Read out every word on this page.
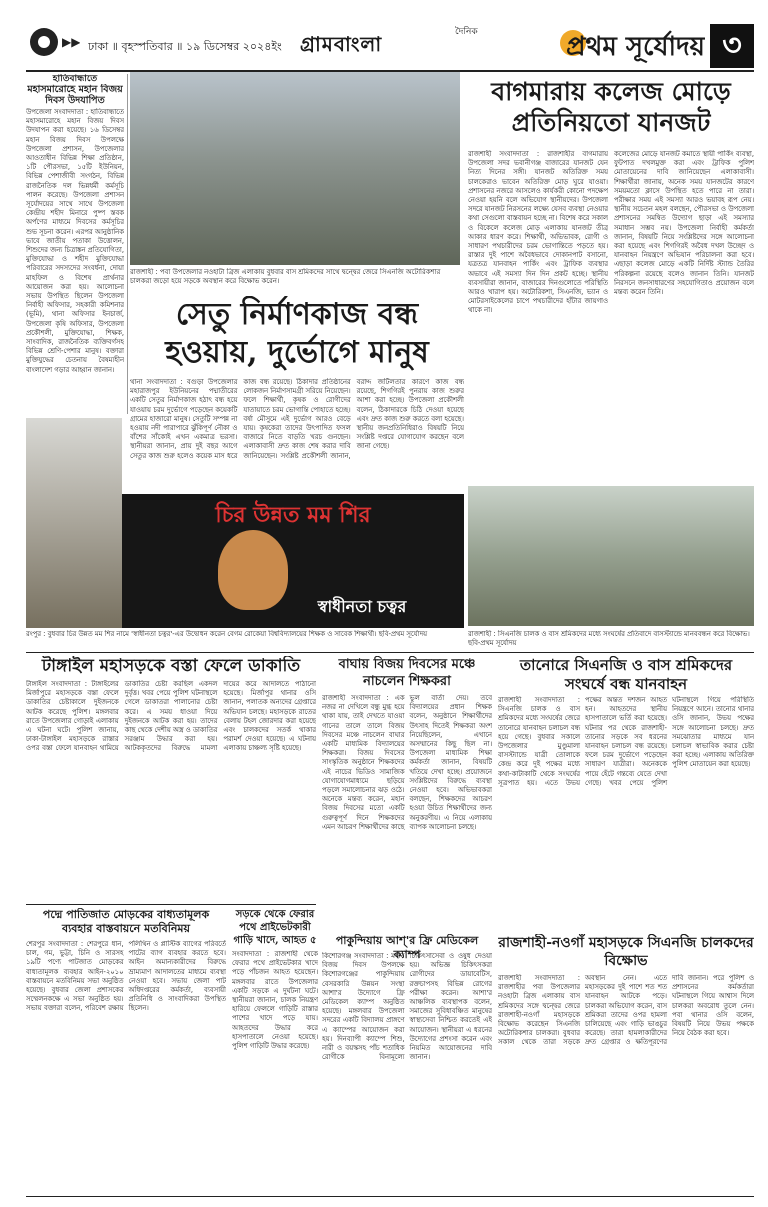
▶▶ ঢাকা ॥ বৃহস্পতিবার ॥ ১৯ ডিসেম্বর ২০২৪ইং গ্রামবাংলা	দৈনিক	প্রথম সূর্যোদয় ৩
হাতিবান্ধাতে
মহাসমারোহে মহান বিজয় দিবস উদযাপিত
উপজেলা সংবাদদাতা : হাতিবান্ধাতে মহাসমারোহে মহান বিজয় দিবস উদযাপন করা হয়েছে। ১৬ ডিসেম্বর মহান বিজয় দিবস উপলক্ষে উপজেলা প্রশাসন, উপজেলার আওতাধীন বিভিন্ন শিক্ষা প্রতিষ্ঠান, ১টি পৌরসভা, ১৫টি ইউনিয়ন, বিভিন্ন পেশাজীবী সংগঠন, বিভিন্ন রাজনৈতিক দল ভিন্নধর্মী কর্মসূচি পালন করেছে। উপজেলা প্রশাসন সূর্যোদয়ের সাথে সাথে উপজেলা কেন্দ্রীয় শহীদ মিনারে পুষ্প স্তবক অর্পণের মাধ্যমে দিবসের কর্মসূচির শুভ সূচনা করেন। এরপর আনুষ্ঠানিক ভাবে জাতীয় পতাকা উত্তোলন, শিশুদের জন্য চিত্রাঙ্কন প্রতিযোগিতা, মুক্তিযোদ্ধা ও শহীদ মুক্তিযোদ্ধা পরিবারের সদস্যদের সংবর্ধনা, দোয়া মাহফিল ও বিশেষ প্রার্থনার আয়োজন করা হয়। আলোচনা সভায় উপস্থিত ছিলেন উপজেলা নির্বাহী অফিসার, সহকারী কমিশনার (ভূমি), থানা অফিসার ইনচার্জ, উপজেলা কৃষি অফিসার, উপজেলা প্রকৌশলী, মুক্তিযোদ্ধা, শিক্ষক, সাংবাদিক, রাজনৈতিক ব্যক্তিবর্গসহ বিভিন্ন শ্রেণি-পেশার মানুষ। বক্তারা মুক্তিযুদ্ধের চেতনায় বৈষম্যহীন বাংলাদেশ গড়ার আহ্বান জানান।
রাজশাহী : পবা উপজেলার নওহাটা ব্রিজ এলাকায় বুধবার বাস শ্রমিকদের সাথে দ্বন্দ্বের জেরে সিএনজি অটোরিকশার চালকরা জড়ো হয়ে সড়কে অবস্থান করে বিক্ষোভ করেন।
বাগমারায় কলেজ মোড়ে প্রতিনিয়তো যানজট
রাজশাহী সংবাদদাতা : রাজশাহীর বাগমারায় উপজেলা সদর ভবানীগঞ্জ বাজারের যানজট যেন নিত্য দিনের সঙ্গী। যানজট অতিরিক্ত সময় চালকেরাও ভাবেন অতিরিক্ত মোড় ঘুরে যাওয়া। প্রশাসনের নজরে আসলেও কার্যকরী কোনো পদক্ষেপ নেওয়া হয়নি বলে অভিযোগ স্থানীয়দের। উপজেলা সদরে যানজট নিরসনের লক্ষ্যে যেসব ব্যবস্থা নেওয়ার কথা সেগুলো বাস্তবায়ন হচ্ছে না। বিশেষ করে সকাল ও বিকেলে কলেজ মোড় এলাকায় যানজট তীব্র আকার ধারণ করে। শিক্ষার্থী, অভিভাবক, রোগী ও সাধারণ পথচারীদের চরম ভোগান্তিতে পড়তে হয়। রাস্তার দুই পাশে অবৈধভাবে দোকানপাট বসানো, যত্রতত্র যানবাহন পার্কিং এবং ট্রাফিক ব্যবস্থার অভাবে এই সমস্যা দিন দিন প্রকট হচ্ছে। স্থানীয় ব্যবসায়ীরা জানান, বাজারের দিনগুলোতে পরিস্থিতি আরও খারাপ হয়। অটোরিকশা, সিএনজি, ভ্যান ও মোটরসাইকেলের চাপে পথচারীদের হাঁটার জায়গাও থাকে না।
কলেজের মোড়ে যানজট কমাতে স্থায়ী পার্কিং ব্যবস্থা, ফুটপাত দখলমুক্ত করা এবং ট্রাফিক পুলিশ মোতায়েনের দাবি জানিয়েছেন এলাকাবাসী। শিক্ষার্থীরা জানায়, অনেক সময় যানজটের কারণে সময়মতো ক্লাসে উপস্থিত হতে পারে না তারা। পরীক্ষার সময় এই সমস্যা আরও ভয়াবহ রূপ নেয়। স্থানীয় সচেতন মহল বলছেন, পৌরসভা ও উপজেলা প্রশাসনের সমন্বিত উদ্যোগ ছাড়া এই সমস্যার সমাধান সম্ভব নয়। উপজেলা নির্বাহী কর্মকর্তা জানান, বিষয়টি নিয়ে সংশ্লিষ্টদের সঙ্গে আলোচনা করা হয়েছে এবং শিগগিরই অবৈধ দখল উচ্ছেদ ও যানবাহন নিয়ন্ত্রণে অভিযান পরিচালনা করা হবে। এছাড়া কলেজ মোড়ে একটি নির্দিষ্ট স্ট্যান্ড তৈরির পরিকল্পনা রয়েছে বলেও জানান তিনি। যানজট নিরসনে জনসাধারণের সহযোগিতাও প্রয়োজন বলে মন্তব্য করেন তিনি।
রাজশাহী : সিএনজি চালক ও বাস শ্রমিকদের মধ্যে সংঘর্ষের প্রতিবাদে বাসস্ট্যান্ডে মানববন্ধন করে বিক্ষোভ। ছবি-প্রথম সূর্যোদয়
সেতু নির্মাণকাজ বন্ধ হওয়ায়, দুর্ভোগে মানুষ
থানা সংবাদদাতা : বগুড়া উপজেলার মহারাজপুর ইউনিয়নের পদ্মাতীরের একটি সেতুর নির্মাণকাজ হঠাৎ বন্ধ হয়ে যাওয়ায় চরম দুর্ভোগে পড়েছেন কয়েকটি গ্রামের হাজারো মানুষ। সেতুটি সম্পন্ন না হওয়ায় নদী পারাপারে ঝুঁকিপূর্ণ নৌকা ও বাঁশের সাঁকোই এখন একমাত্র ভরসা। স্থানীয়রা জানান, প্রায় দুই বছর আগে সেতুর কাজ শুরু হলেও কয়েক মাস ধরে কাজ বন্ধ রয়েছে। ঠিকাদার প্রতিষ্ঠানের লোকজন নির্মাণসামগ্রী সরিয়ে নিয়েছেন। ফলে শিক্ষার্থী, কৃষক ও রোগীদের যাতায়াতে চরম ভোগান্তি পোহাতে হচ্ছে। বর্ষা মৌসুমে এই দুর্ভোগ আরও বেড়ে যায়। কৃষকেরা তাদের উৎপাদিত ফসল বাজারে নিতে বাড়তি খরচ গুনছেন। এলাকাবাসী দ্রুত কাজ শেষ করার দাবি জানিয়েছেন। সংশ্লিষ্ট প্রকৌশলী জানান, বরাদ্দ জটিলতার কারণে কাজ বন্ধ রয়েছে, শিগগিরই পুনরায় কাজ শুরুর আশা করা হচ্ছে। উপজেলা প্রকৌশলী বলেন, ঠিকাদারকে চিঠি দেওয়া হয়েছে এবং দ্রুত কাজ শুরু করতে বলা হয়েছে। স্থানীয় জনপ্রতিনিধিরাও বিষয়টি নিয়ে সংশ্লিষ্ট দপ্তরে যোগাযোগ করছেন বলে জানা গেছে।
চির উন্নত মম শির
স্বাধীনতা চত্বর
রংপুর : বুধবার চির উন্নত মম শির নামে 'স্বাধীনতা চত্বর'-এর উদ্বোধন করেন বেগম রোকেয়া বিশ্ববিদ্যালয়ের শিক্ষক ও সাবেক শিক্ষার্থী। ছবি-প্রথম সূর্যোদয়
টাঙ্গাইল মহাসড়কে বস্তা ফেলে ডাকাতি
টাঙ্গাইল সংবাদদাতা : টাঙ্গাইলের মির্জাপুরে মহাসড়কে বস্তা ফেলে ডাকাতির চেষ্টাকালে দুইজনকে আটক করেছে পুলিশ। মঙ্গলবার রাতে উপজেলার গোড়াই এলাকায় এ ঘটনা ঘটে। পুলিশ জানায়, ঢাকা-টাঙ্গাইল মহাসড়কে রাস্তার ওপর বস্তা ফেলে যানবাহন থামিয়ে ডাকাতির চেষ্টা করছিল একদল দুর্বৃত্ত। খবর পেয়ে পুলিশ ঘটনাস্থলে গেলে ডাকাতরা পালানোর চেষ্টা করে। এ সময় ধাওয়া দিয়ে দুইজনকে আটক করা হয়। তাদের কাছ থেকে দেশীয় অস্ত্র ও ডাকাতির সরঞ্জাম উদ্ধার করা হয়। আটককৃতদের বিরুদ্ধে মামলা দায়ের করে আদালতে পাঠানো হয়েছে। মির্জাপুর থানার ওসি জানান, পলাতক অন্যদের গ্রেপ্তারে অভিযান চলছে। মহাসড়কে রাতের বেলায় টহল জোরদার করা হয়েছে এবং চালকদের সতর্ক থাকার পরামর্শ দেওয়া হয়েছে। এ ঘটনায় এলাকায় চাঞ্চল্য সৃষ্টি হয়েছে।
বাঘায় বিজয় দিবসের মঞ্চে নাচলেন শিক্ষকরা
রাজশাহী সংবাদদাতা : এক নজর না দেখিলে বন্ধু মুগ্ধ হয়ে থাকা যায়, তাই দেখতে যাওয়া গানের তালে তালে বিজয় দিবসের মঞ্চে নাচলেন বাঘার একটি মাধ্যমিক বিদ্যালয়ের শিক্ষকরা। বিজয় দিবসের সাংস্কৃতিক অনুষ্ঠানে শিক্ষকদের এই নাচের ভিডিও সামাজিক যোগাযোগমাধ্যমে ছড়িয়ে পড়লে সমালোচনার ঝড় ওঠে। অনেকে মন্তব্য করেন, মহান বিজয় দিবসের মতো একটি গুরুত্বপূর্ণ দিনে শিক্ষকদের এমন আচরণ শিক্ষার্থীদের কাছে ভুল বার্তা দেয়। তবে বিদ্যালয়ের প্রধান শিক্ষক বলেন, অনুষ্ঠানে শিক্ষার্থীদের উৎসাহ দিতেই শিক্ষকরা অংশ নিয়েছিলেন, এখানে অসম্মানের কিছু ছিল না। উপজেলা মাধ্যমিক শিক্ষা কর্মকর্তা জানান, বিষয়টি খতিয়ে দেখা হচ্ছে। প্রয়োজনে সংশ্লিষ্টদের বিরুদ্ধে ব্যবস্থা নেওয়া হবে। অভিভাবকরা বলছেন, শিক্ষকদের আচরণ হওয়া উচিত শিক্ষার্থীদের জন্য অনুকরণীয়। এ নিয়ে এলাকায় ব্যাপক আলোচনা চলছে।
তানোরে সিএনজি ও বাস শ্রমিকদের সংঘর্ষে বন্ধ যানবাহন
রাজশাহী সংবাদদাতা : সিএনজি চালক ও বাস শ্রমিকদের মধ্যে সংঘর্ষের জেরে তানোরে যানবাহন চলাচল বন্ধ হয়ে গেছে। বুধবার সকালে উপজেলার মুণ্ডুমালা বাসস্ট্যান্ডে যাত্রী তোলাকে কেন্দ্র করে দুই পক্ষের মধ্যে কথা-কাটাকাটি থেকে সংঘর্ষের সূত্রপাত হয়। এতে উভয় পক্ষের অন্তত দশজন আহত হন। আহতদের স্থানীয় হাসপাতালে ভর্তি করা হয়েছে। ঘটনার পর থেকে রাজশাহী-তানোর সড়কে সব ধরনের যানবাহন চলাচল বন্ধ রয়েছে। ফলে চরম দুর্ভোগে পড়েছেন সাধারণ যাত্রীরা। অনেককে পায়ে হেঁটে গন্তব্যে যেতে দেখা গেছে। খবর পেয়ে পুলিশ ঘটনাস্থলে গিয়ে পরিস্থিতি নিয়ন্ত্রণে আনে। তানোর থানার ওসি জানান, উভয় পক্ষের সঙ্গে আলোচনা চলছে। দ্রুত সমঝোতার মাধ্যমে যান চলাচল স্বাভাবিক করার চেষ্টা করা হচ্ছে। এলাকায় অতিরিক্ত পুলিশ মোতায়েন করা হয়েছে।
পদ্মে পাতিজাত মোড়কের বাধ্যতামূলক ব্যবহার বাস্তবায়নে মতবিনিময়
শেরপুর সংবাদদাতা : শেরপুরে ধান, চাল, গম, ভুট্টা, চিনি ও সারসহ ১৯টি পণ্যে পাটজাত মোড়কের বাধ্যতামূলক ব্যবহার আইন-২০১০ বাস্তবায়নে মতবিনিময় সভা অনুষ্ঠিত হয়েছে। বুধবার জেলা প্রশাসকের সম্মেলনকক্ষে এ সভা অনুষ্ঠিত হয়। সভায় বক্তারা বলেন, পরিবেশ রক্ষায় পলিথিন ও প্লাস্টিক ব্যাগের পরিবর্তে পাটের ব্যাগ ব্যবহার করতে হবে। আইন অমান্যকারীদের বিরুদ্ধে ভ্রাম্যমাণ আদালতের মাধ্যমে ব্যবস্থা নেওয়া হবে। সভায় জেলা পাট অধিদপ্তরের কর্মকর্তা, ব্যবসায়ী প্রতিনিধি ও সাংবাদিকরা উপস্থিত ছিলেন।
সড়কে থেকে ফেরার পথে প্রাইভেটকারী গাড়ি খাদে, আহত ৫
সংবাদদাতা : রাজশাহী থেকে ফেরার পথে প্রাইভেটকার খাদে পড়ে পাঁচজন আহত হয়েছেন। মঙ্গলবার রাতে উপজেলার একটি সড়কে এ দুর্ঘটনা ঘটে। স্থানীয়রা জানান, চালক নিয়ন্ত্রণ হারিয়ে ফেললে গাড়িটি রাস্তার পাশের খাদে পড়ে যায়। আহতদের উদ্ধার করে হাসপাতালে নেওয়া হয়েছে। পুলিশ গাড়িটি উদ্ধার করেছে।
পাকুন্দিয়ায় আশ্‌'র ফ্রি মেডিকেল ক্যাম্প
কিশোরগঞ্জ সংবাদদাতা : মহান বিজয় দিবস উপলক্ষে কিশোরগঞ্জের পাকুন্দিয়ায় বেসরকারি উন্নয়ন সংস্থা আশা'র উদ্যোগে ফ্রি মেডিকেল ক্যাম্প অনুষ্ঠিত হয়েছে। মঙ্গলবার উপজেলা সদরের একটি বিদ্যালয় প্রাঙ্গণে এ ক্যাম্পের আয়োজন করা হয়। দিনব্যাপী ক্যাম্পে শিশু, নারী ও বয়স্কসহ পাঁচ শতাধিক রোগীকে বিনামূল্যে চিকিৎসাসেবা ও ওষুধ দেওয়া হয়। অভিজ্ঞ চিকিৎসকরা রোগীদের ডায়াবেটিস, রক্তচাপসহ বিভিন্ন রোগের পরীক্ষা করেন। আশা'র আঞ্চলিক ব্যবস্থাপক বলেন, সমাজের সুবিধাবঞ্চিত মানুষের স্বাস্থ্যসেবা নিশ্চিত করতেই এই আয়োজন। স্থানীয়রা এ ধরনের উদ্যোগের প্রশংসা করেন এবং নিয়মিত আয়োজনের দাবি জানান।
রাজশাহী-নওগাঁ মহাসড়কে সিএনজি চালকদের বিক্ষোভ
রাজশাহী সংবাদদাতা : রাজশাহীর পবা উপজেলার নওহাটা ব্রিজ এলাকায় বাস শ্রমিকদের সঙ্গে দ্বন্দ্বের জেরে রাজশাহী-নওগাঁ মহাসড়কে বিক্ষোভ করেছেন সিএনজি অটোরিকশার চালকরা। বুধবার সকাল থেকে তারা সড়কে অবস্থান নেন। এতে মহাসড়কের দুই পাশে শত শত যানবাহন আটকে পড়ে। চালকরা অভিযোগ করেন, বাস শ্রমিকরা তাদের ওপর হামলা চালিয়েছে এবং গাড়ি ভাঙচুর করেছে। তারা হামলাকারীদের দ্রুত গ্রেপ্তার ও ক্ষতিপূরণের দাবি জানান। পরে পুলিশ ও প্রশাসনের কর্মকর্তারা ঘটনাস্থলে গিয়ে আশ্বাস দিলে চালকরা অবরোধ তুলে নেন। পবা থানার ওসি বলেন, বিষয়টি নিয়ে উভয় পক্ষকে নিয়ে বৈঠক করা হবে।
